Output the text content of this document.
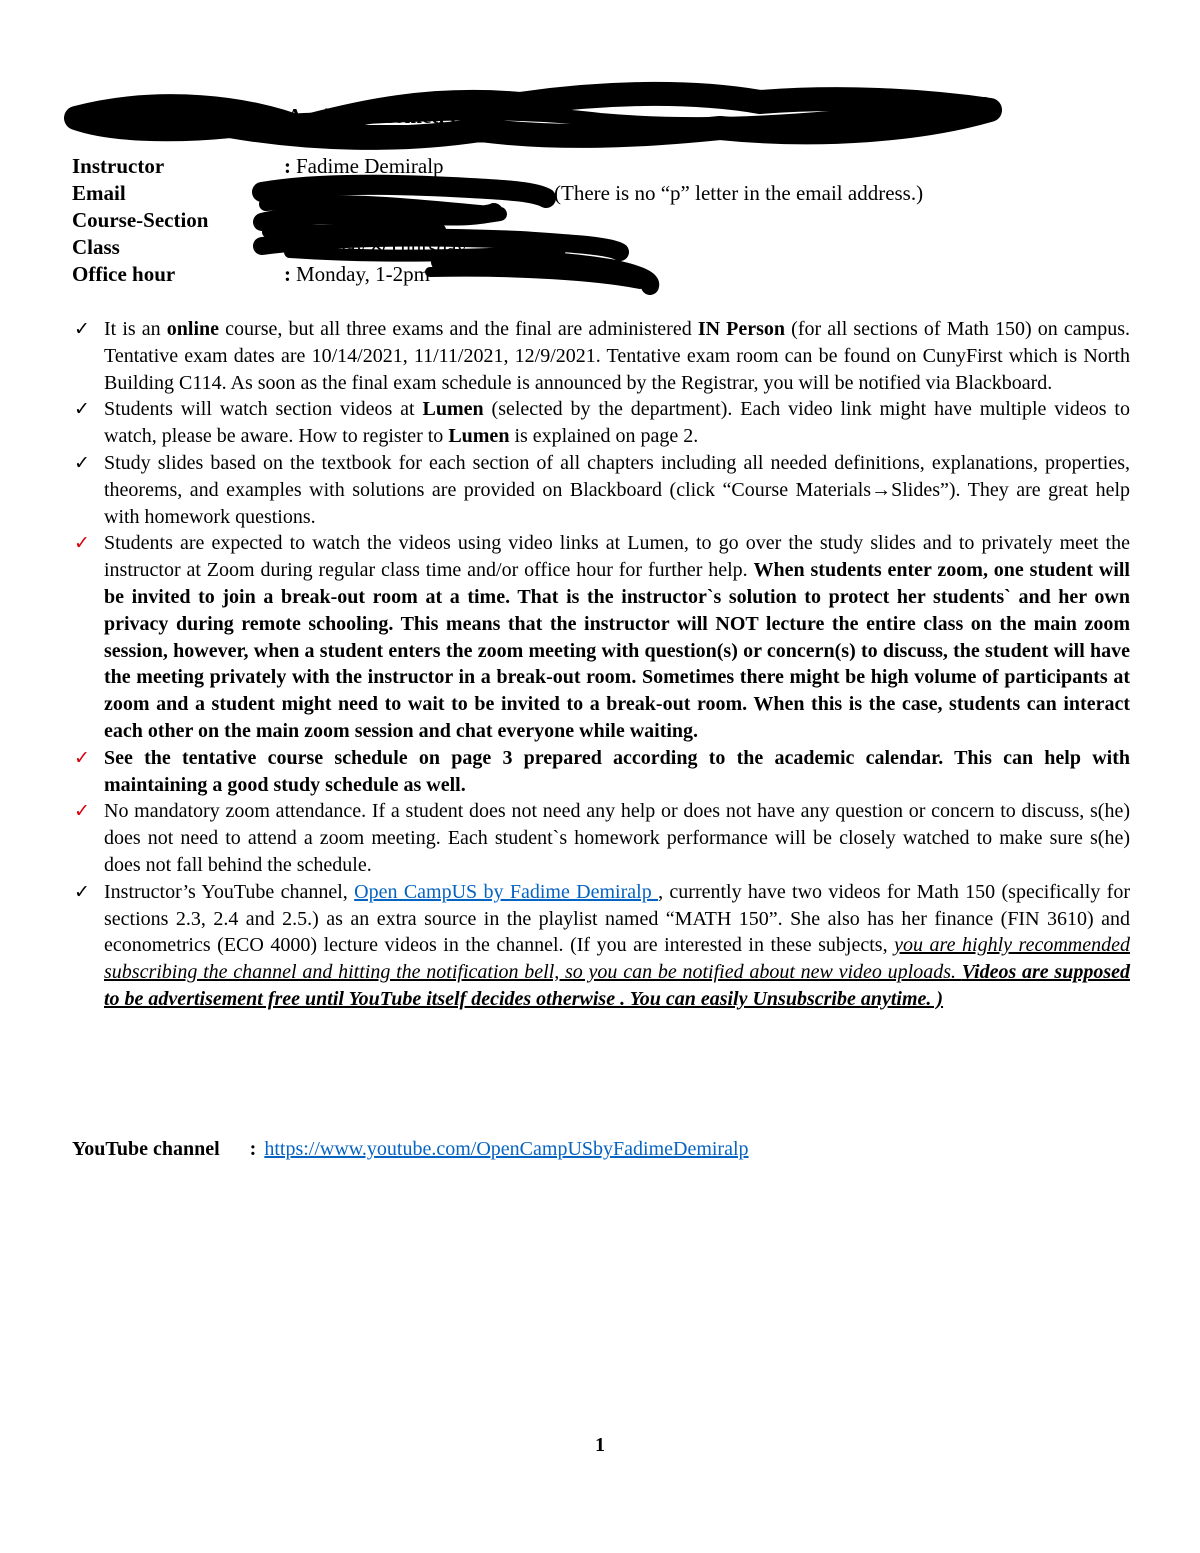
M 150 — Calculus with Analytic Geometry
Instructor	: Fadime Demiralp
Email	:	(There is no “p” letter in the email address.)
Course-Section	:
Class	: Monday &Thursday
Office hour	: Monday, 1-2pm
✓ It is an online course, but all three exams and the final are administered IN Person (for all sections of Math 150) on campus. Tentative exam dates are 10/14/2021, 11/11/2021, 12/9/2021. Tentative exam room can be found on CunyFirst which is North Building C114. As soon as the final exam schedule is announced by the Registrar, you will be notified via Blackboard.
✓ Students will watch section videos at Lumen (selected by the department). Each video link might have multiple videos to watch, please be aware. How to register to Lumen is explained on page 2.
✓ Study slides based on the textbook for each section of all chapters including all needed definitions, explanations, properties, theorems, and examples with solutions are provided on Blackboard (click “Course Materials→Slides”). They are great help with homework questions.
✓ Students are expected to watch the videos using video links at Lumen, to go over the study slides and to privately meet the instructor at Zoom during regular class time and/or office hour for further help. When students enter zoom, one student will be invited to join a break-out room at a time. That is the instructor`s solution to protect her students` and her own privacy during remote schooling. This means that the instructor will NOT lecture the entire class on the main zoom session, however, when a student enters the zoom meeting with question(s) or concern(s) to discuss, the student will have the meeting privately with the instructor in a break-out room. Sometimes there might be high volume of participants at zoom and a student might need to wait to be invited to a break-out room. When this is the case, students can interact each other on the main zoom session and chat everyone while waiting.
✓ See the tentative course schedule on page 3 prepared according to the academic calendar. This can help with maintaining a good study schedule as well.
✓ No mandatory zoom attendance. If a student does not need any help or does not have any question or concern to discuss, s(he) does not need to attend a zoom meeting. Each student`s homework performance will be closely watched to make sure s(he) does not fall behind the schedule.
✓ Instructor’s YouTube channel, Open CampUS by Fadime Demiralp , currently have two videos for Math 150 (specifically for sections 2.3, 2.4 and 2.5.) as an extra source in the playlist named “MATH 150”. She also has her finance (FIN 3610) and econometrics (ECO 4000) lecture videos in the channel. (If you are interested in these subjects, you are highly recommended subscribing the channel and hitting the notification bell, so you can be notified about new video uploads. Videos are supposed to be advertisement free until YouTube itself decides otherwise . You can easily Unsubscribe anytime. )
YouTube channel : https://www.youtube.com/OpenCampUSbyFadimeDemiralp
1
